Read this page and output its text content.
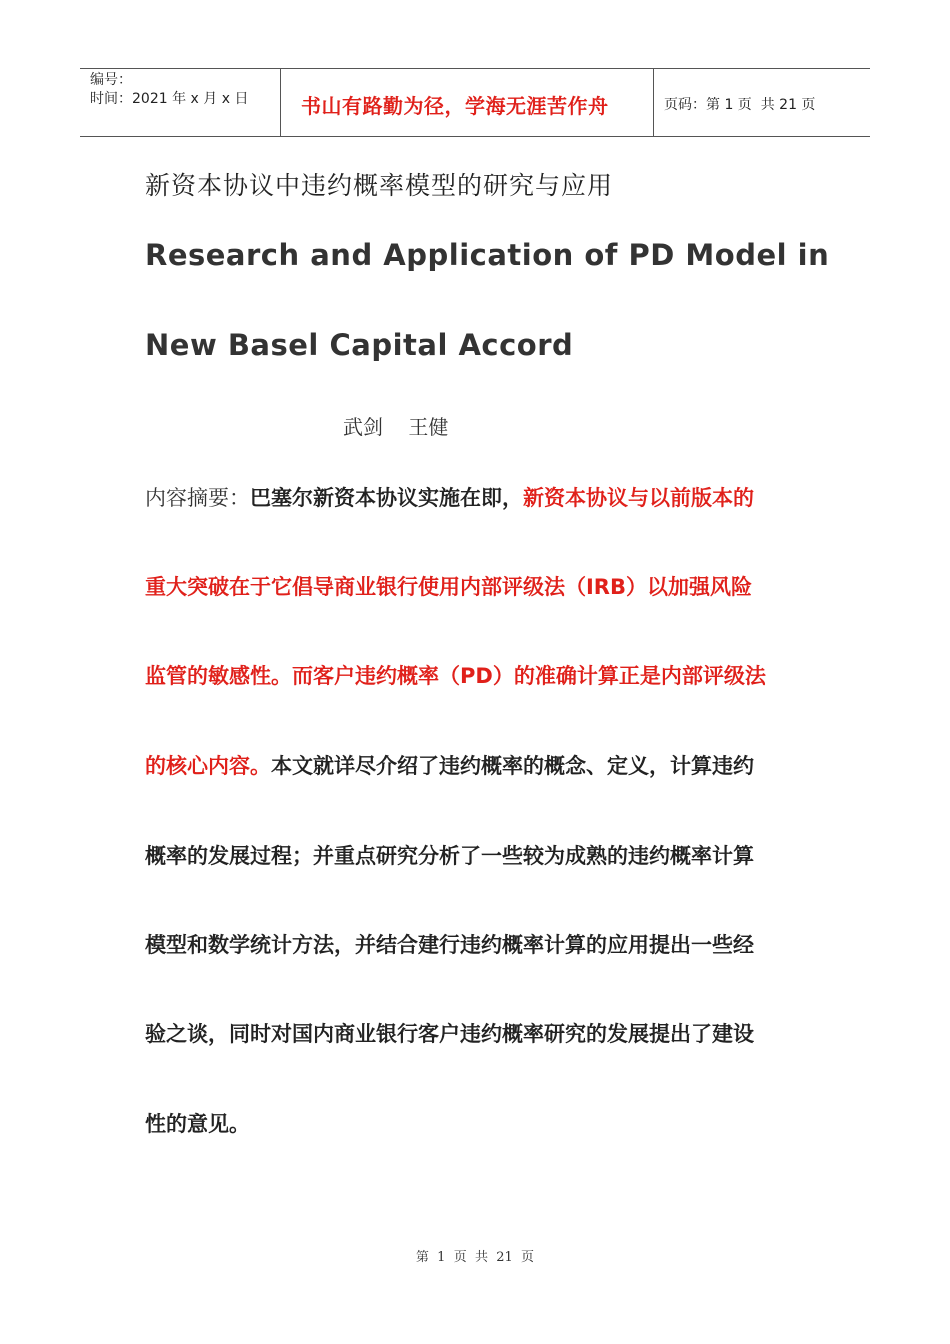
编号：
时间：2021 年 x 月 x 日	书山有路勤为径，学海无涯苦作舟	页码：第 1 页  共 21 页
新资本协议中违约概率模型的研究与应用
Research and Application of PD Model in
New Basel Capital Accord
武剑    王健
内容摘要：巴塞尔新资本协议实施在即，新资本协议与以前版本的
重大突破在于它倡导商业银行使用内部评级法（IRB）以加强风险
监管的敏感性。而客户违约概率（PD）的准确计算正是内部评级法
的核心内容。本文就详尽介绍了违约概率的概念、定义，计算违约
概率的发展过程；并重点研究分析了一些较为成熟的违约概率计算
模型和数学统计方法，并结合建行违约概率计算的应用提出一些经
验之谈，同时对国内商业银行客户违约概率研究的发展提出了建设
性的意见。
第  1  页  共  21  页
